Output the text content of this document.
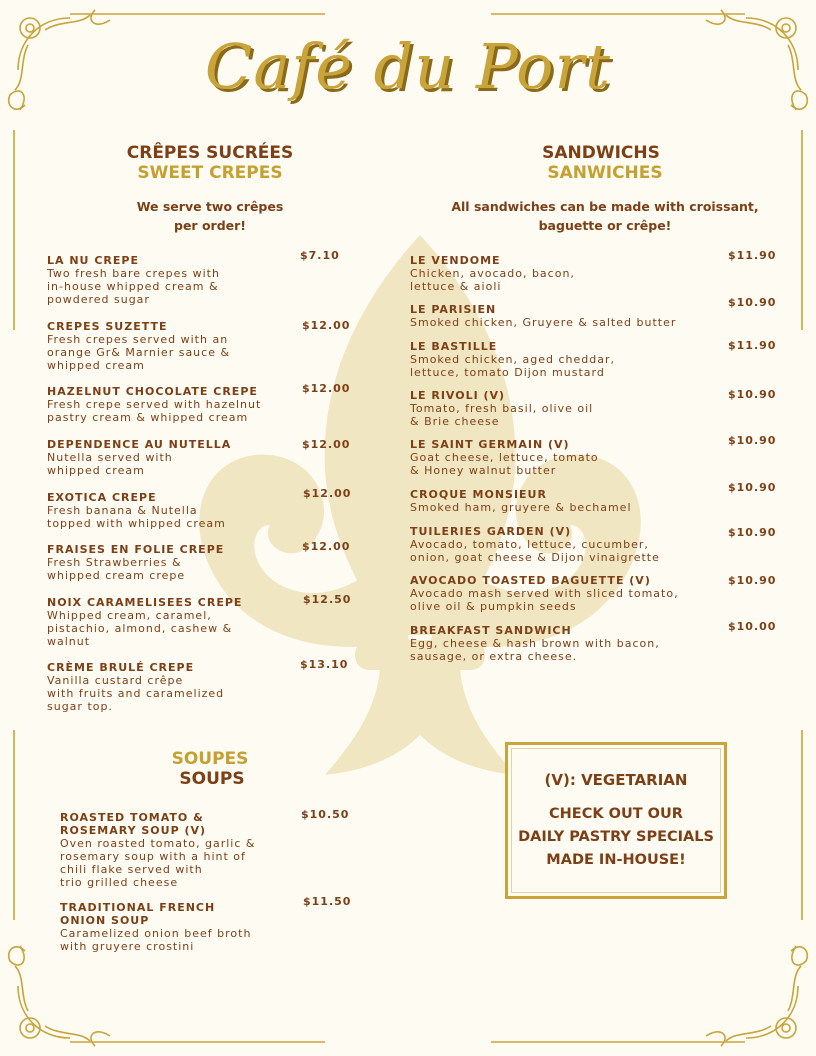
Café du Port
CRÊPES SUCRÉES
SWEET CREPES
We serve two crêpes
per order!
LA NU CREPE
Two fresh bare crepes with
in-house whipped cream &
powdered sugar
$7.10
CREPES SUZETTE
Fresh crepes served with an
orange Gr& Marnier sauce &
whipped cream
$12.00
HAZELNUT CHOCOLATE CREPE
Fresh crepe served with hazelnut
pastry cream & whipped cream
$12.00
DEPENDENCE AU NUTELLA
Nutella served with
whipped cream
$12.00
EXOTICA CREPE
Fresh banana & Nutella
topped with whipped cream
$12.00
FRAISES EN FOLIE CREPE
Fresh Strawberries &
whipped cream crepe
$12.00
NOIX CARAMELISEES CREPE
Whipped cream, caramel,
pistachio, almond, cashew &
walnut
$12.50
CRÈME BRULÉ CREPE
Vanilla custard crêpe
with fruits and caramelized
sugar top.
$13.10
SANDWICHS
SANWICHES
All sandwiches can be made with croissant,
baguette or crêpe!
LE VENDOME
Chicken, avocado, bacon,
lettuce & aioli
$11.90
LE PARISIEN
Smoked chicken, Gruyere & salted butter
$10.90
LE BASTILLE
Smoked chicken, aged cheddar,
lettuce, tomato Dijon mustard
$11.90
LE RIVOLI (V)
Tomato, fresh basil, olive oil
& Brie cheese
$10.90
LE SAINT GERMAIN (V)
Goat cheese, lettuce, tomato
& Honey walnut butter
$10.90
CROQUE MONSIEUR
Smoked ham, gruyere & bechamel
$10.90
TUILERIES GARDEN (V)
Avocado, tomato, lettuce, cucumber,
onion, goat cheese & Dijon vinaigrette
$10.90
AVOCADO TOASTED BAGUETTE (V)
Avocado mash served with sliced tomato,
olive oil & pumpkin seeds
$10.90
BREAKFAST SANDWICH
Egg, cheese & hash brown with bacon,
sausage, or extra cheese.
$10.00
SOUPES
SOUPS
ROASTED TOMATO &
ROSEMARY SOUP (V)
Oven roasted tomato, garlic &
rosemary soup with a hint of
chili flake served with
trio grilled cheese
$10.50
TRADITIONAL FRENCH
ONION SOUP
Caramelized onion beef broth
with gruyere crostini
$11.50
(V): VEGETARIAN
CHECK OUT OUR
DAILY PASTRY SPECIALS
MADE IN-HOUSE!
